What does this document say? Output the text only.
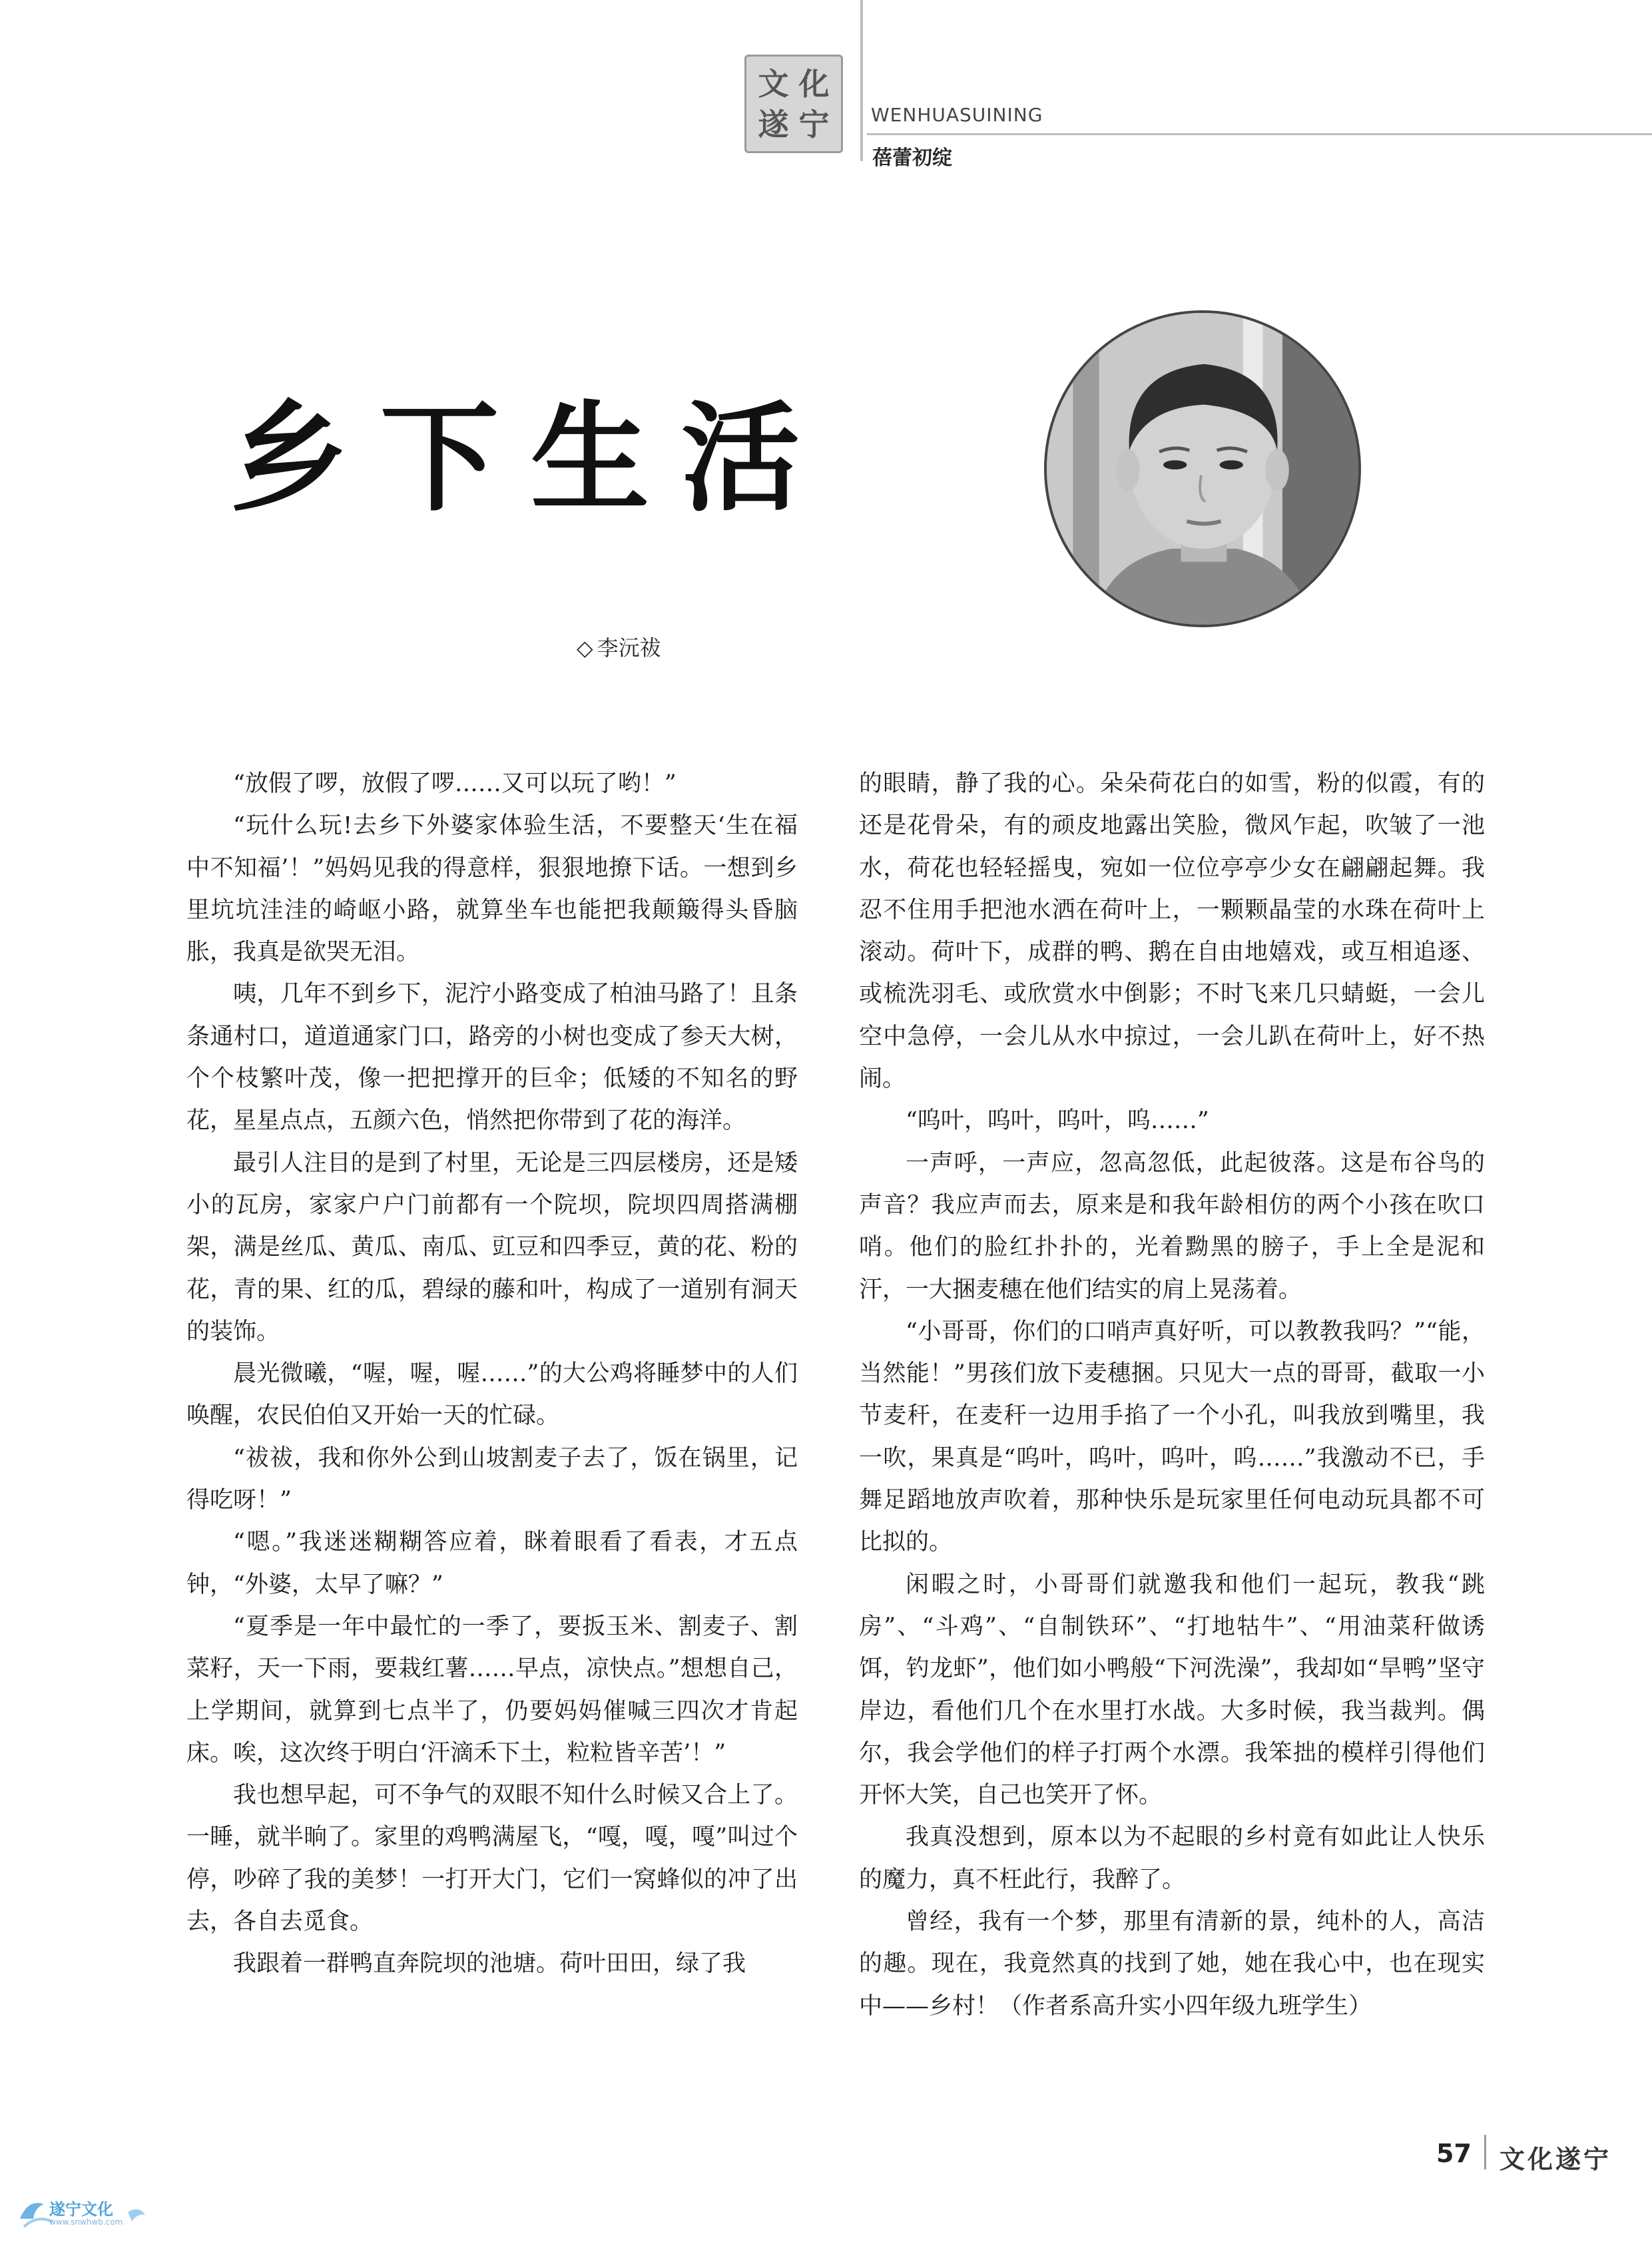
文 化
遂 宁 WENHUASUINING
蓓蕾初绽
乡下生活
◇ 李沅祓

“放假了啰，放假了啰……又可以玩了哟！”

“玩什么玩!去乡下外婆家体验生活，不要整天‘生在福中不知福’！”妈妈见我的得意样，狠狠地撩下话。一想到乡里坑坑洼洼的崎岖小路，就算坐车也能把我颠簸得头昏脑胀，我真是欲哭无泪。

咦，几年不到乡下，泥泞小路变成了柏油马路了！且条条通村口，道道通家门口，路旁的小树也变成了参天大树，个个枝繁叶茂，像一把把撑开的巨伞；低矮的不知名的野花，星星点点，五颜六色，悄然把你带到了花的海洋。

最引人注目的是到了村里，无论是三四层楼房，还是矮小的瓦房，家家户户门前都有一个院坝，院坝四周搭满棚架，满是丝瓜、黄瓜、南瓜、豇豆和四季豆，黄的花、粉的花，青的果、红的瓜，碧绿的藤和叶，构成了一道别有洞天的装饰。

晨光微曦，“喔，喔，喔……”的大公鸡将睡梦中的人们唤醒，农民伯伯又开始一天的忙碌。

“祓祓，我和你外公到山坡割麦子去了，饭在锅里，记得吃呀！”

“嗯。”我迷迷糊糊答应着，眯着眼看了看表，才五点钟，“外婆，太早了嘛？”

“夏季是一年中最忙的一季了，要扳玉米、割麦子、割菜籽，天一下雨，要栽红薯……早点，凉快点。”想想自己，上学期间，就算到七点半了，仍要妈妈催喊三四次才肯起床。唉，这次终于明白‘汗滴禾下土，粒粒皆辛苦’！”

我也想早起，可不争气的双眼不知什么时候又合上了。一睡，就半晌了。家里的鸡鸭满屋飞，“嘎，嘎，嘎”叫过个停，吵碎了我的美梦！一打开大门，它们一窝蜂似的冲了出去，各自去觅食。

我跟着一群鸭直奔院坝的池塘。荷叶田田，绿了我

的眼睛，静了我的心。朵朵荷花白的如雪，粉的似霞，有的还是花骨朵，有的顽皮地露出笑脸，微风乍起，吹皱了一池水，荷花也轻轻摇曳，宛如一位位亭亭少女在翩翩起舞。我忍不住用手把池水洒在荷叶上，一颗颗晶莹的水珠在荷叶上滚动。荷叶下，成群的鸭、鹅在自由地嬉戏，或互相追逐、或梳洗羽毛、或欣赏水中倒影；不时飞来几只蜻蜓，一会儿空中急停，一会儿从水中掠过，一会儿趴在荷叶上，好不热闹。

“呜叶，呜叶，呜叶，呜……”

一声呼，一声应，忽高忽低，此起彼落。这是布谷鸟的声音？我应声而去，原来是和我年龄相仿的两个小孩在吹口哨。他们的脸红扑扑的，光着黝黑的膀子，手上全是泥和汗，一大捆麦穗在他们结实的肩上晃荡着。

“小哥哥，你们的口哨声真好听，可以教教我吗？”“能，当然能！”男孩们放下麦穗捆。只见大一点的哥哥，截取一小节麦秆，在麦秆一边用手掐了一个小孔，叫我放到嘴里，我一吹，果真是“呜叶，呜叶，呜叶，呜……”我激动不已，手舞足蹈地放声吹着，那种快乐是玩家里任何电动玩具都不可比拟的。

闲暇之时，小哥哥们就邀我和他们一起玩，教我“跳房”、“斗鸡”、“自制铁环”、“打地牯牛”、“用油菜秆做诱饵，钓龙虾”，他们如小鸭般“下河洗澡”，我却如“旱鸭”坚守岸边，看他们几个在水里打水战。大多时候，我当裁判。偶尔，我会学他们的样子打两个水漂。我笨拙的模样引得他们开怀大笑，自己也笑开了怀。

我真没想到，原本以为不起眼的乡村竟有如此让人快乐的魔力，真不枉此行，我醉了。

曾经，我有一个梦，那里有清新的景，纯朴的人，高洁的趣。现在，我竟然真的找到了她，她在我心中，也在现实中——乡村！（作者系高升实小四年级九班学生）

57 文化遂宁
遂宁文化
www.snwhwb.com
